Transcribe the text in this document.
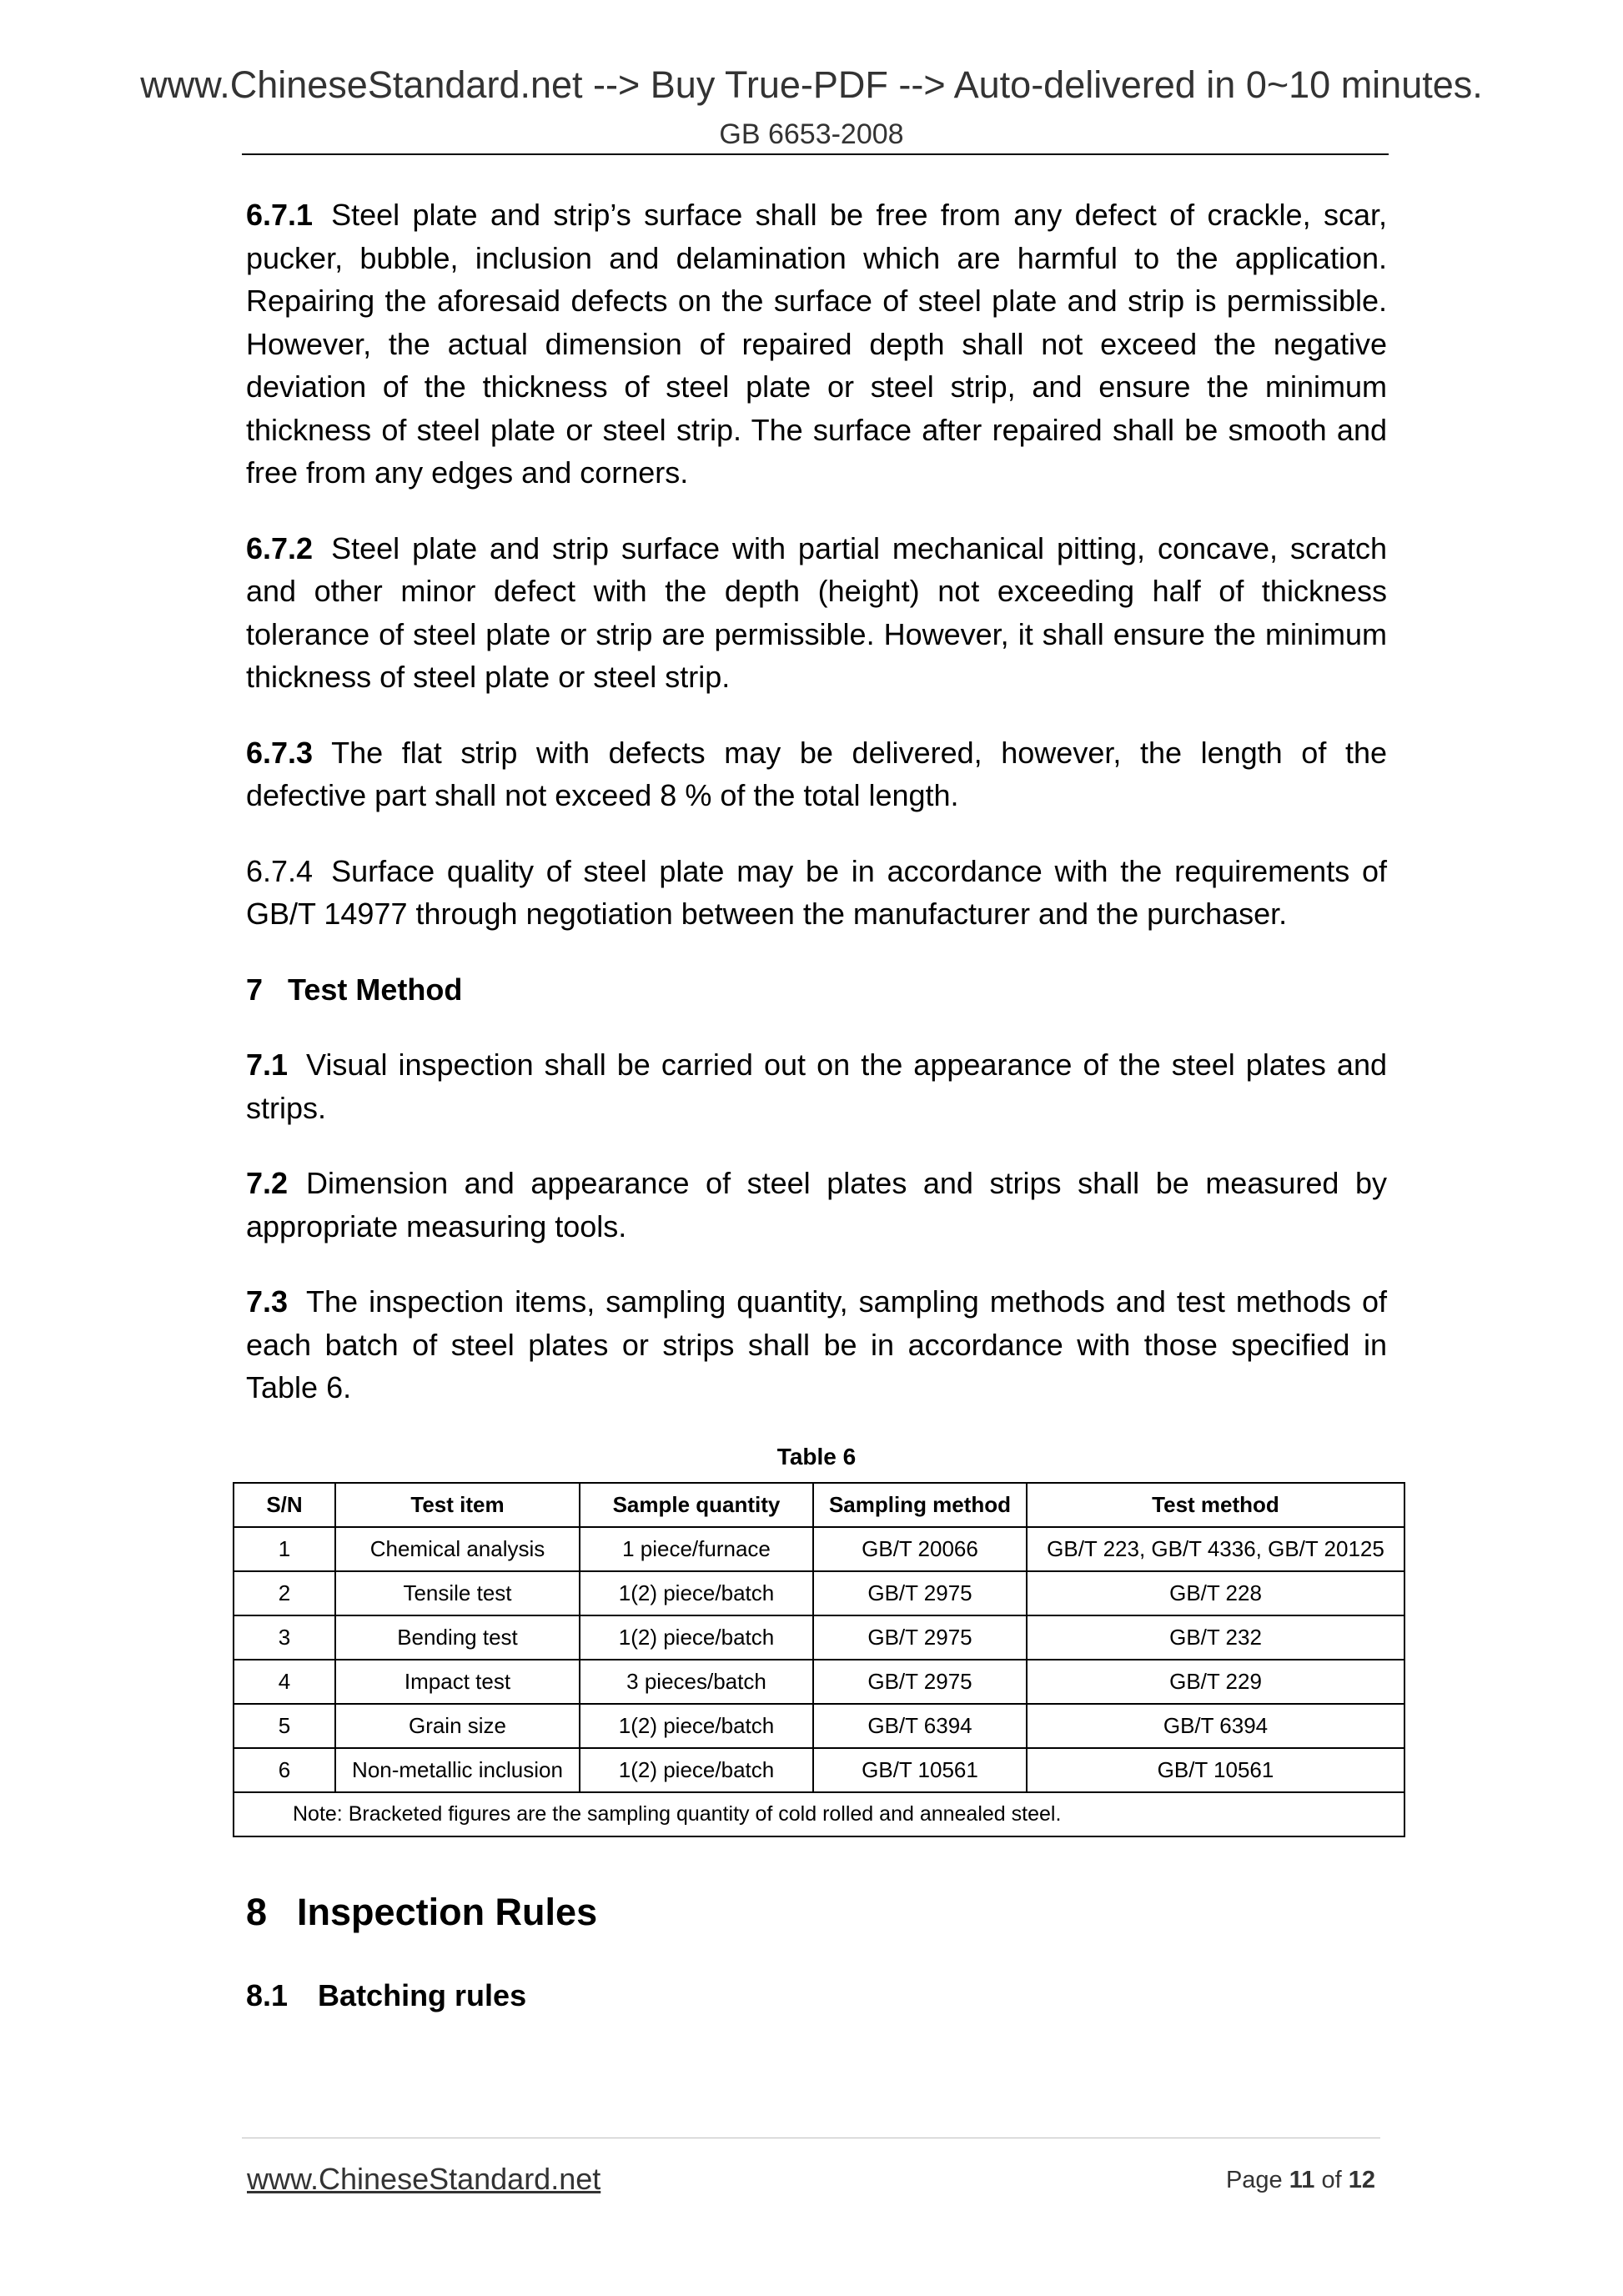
www.ChineseStandard.net --> Buy True-PDF --> Auto-delivered in 0~10 minutes.
GB 6653-2008

6.7.1 Steel plate and strip’s surface shall be free from any defect of crackle, scar, pucker, bubble, inclusion and delamination which are harmful to the application. Repairing the aforesaid defects on the surface of steel plate and strip is permissible. However, the actual dimension of repaired depth shall not exceed the negative deviation of the thickness of steel plate or steel strip, and ensure the minimum thickness of steel plate or steel strip. The surface after repaired shall be smooth and free from any edges and corners.

6.7.2 Steel plate and strip surface with partial mechanical pitting, concave, scratch and other minor defect with the depth (height) not exceeding half of thickness tolerance of steel plate or strip are permissible. However, it shall ensure the minimum thickness of steel plate or steel strip.

6.7.3 The flat strip with defects may be delivered, however, the length of the defective part shall not exceed 8 % of the total length.

6.7.4 Surface quality of steel plate may be in accordance with the requirements of GB/T 14977 through negotiation between the manufacturer and the purchaser.

7 Test Method

7.1 Visual inspection shall be carried out on the appearance of the steel plates and strips.

7.2 Dimension and appearance of steel plates and strips shall be measured by appropriate measuring tools.

7.3 The inspection items, sampling quantity, sampling methods and test methods of each batch of steel plates or strips shall be in accordance with those specified in Table 6.

Table 6
S/N	Test item	Sample quantity	Sampling method	Test method
1	Chemical analysis	1 piece/furnace	GB/T 20066	GB/T 223, GB/T 4336, GB/T 20125
2	Tensile test	1(2) piece/batch	GB/T 2975	GB/T 228
3	Bending test	1(2) piece/batch	GB/T 2975	GB/T 232
4	Impact test	3 pieces/batch	GB/T 2975	GB/T 229
5	Grain size	1(2) piece/batch	GB/T 6394	GB/T 6394
6	Non-metallic inclusion	1(2) piece/batch	GB/T 10561	GB/T 10561
Note: Bracketed figures are the sampling quantity of cold rolled and annealed steel.				
8 Inspection Rules
8.1 Batching rules
www.ChineseStandard.net	Page 11 of 12
